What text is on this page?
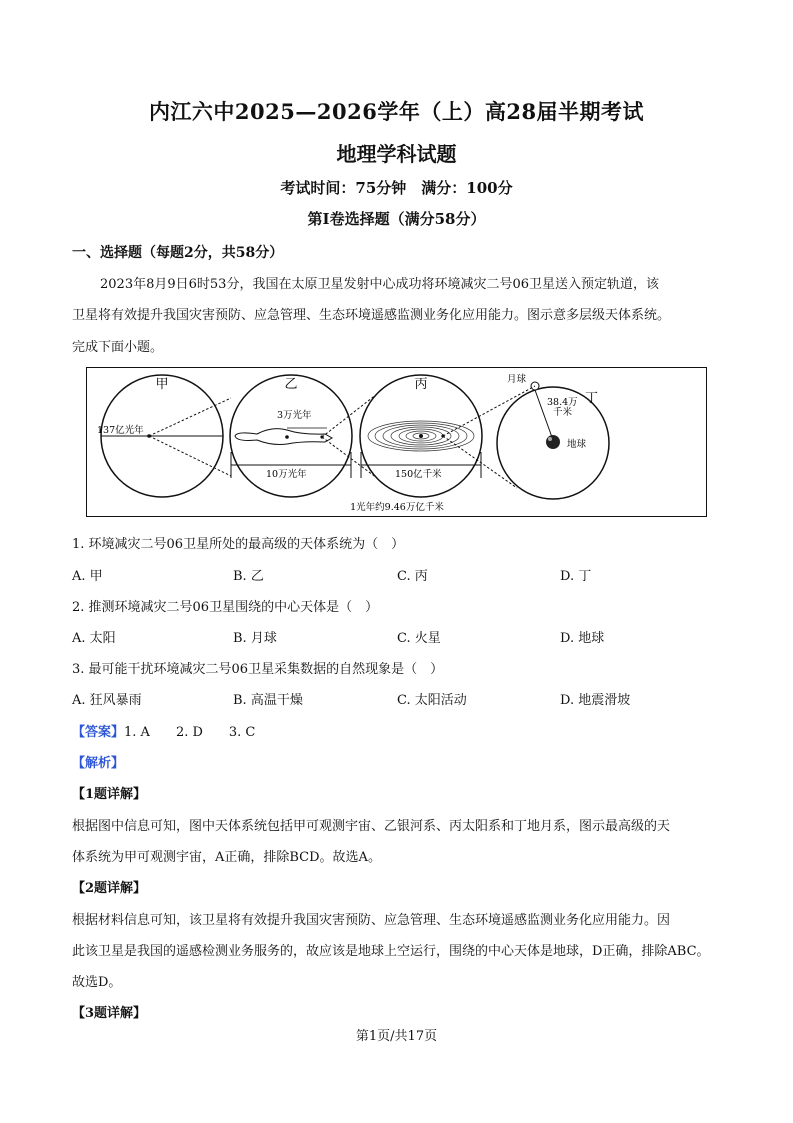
内江六中2025—2026学年（上）高28届半期考试
地理学科试题
考试时间：75分钟　满分：100分
第Ⅰ卷选择题（满分58分）
一、选择题（每题2分，共58分）
2023年8月9日6时53分，我国在太原卫星发射中心成功将环境减灾二号06卫星送入预定轨道，该
卫星将有效提升我国灾害预防、应急管理、生态环境遥感监测业务化应用能力。图示意多层级天体系统。
完成下面小题。
甲
137亿光年
乙
3万光年
10万光年
丙
150亿千米
月球
38.4万
千米
地球
丁
1光年约9.46万亿千米
1. 环境减灾二号06卫星所处的最高级的天体系统为（　）
A. 甲	B. 乙	C. 丙	D. 丁
2. 推测环境减灾二号06卫星围绕的中心天体是（　）
A. 太阳	B. 月球	C. 火星	D. 地球
3. 最可能干扰环境减灾二号06卫星采集数据的自然现象是（　）
A. 狂风暴雨	B. 高温干燥	C. 太阳活动	D. 地震滑坡
【答案】1. A　　2. D　　3. C
【解析】
【1题详解】
根据图中信息可知，图中天体系统包括甲可观测宇宙、乙银河系、丙太阳系和丁地月系，图示最高级的天
体系统为甲可观测宇宙，A正确，排除BCD。故选A。
【2题详解】
根据材料信息可知，该卫星将有效提升我国灾害预防、应急管理、生态环境遥感监测业务化应用能力。因
此该卫星是我国的遥感检测业务服务的，故应该是地球上空运行，围绕的中心天体是地球，D正确，排除ABC。
故选D。
【3题详解】
第1页/共17页
